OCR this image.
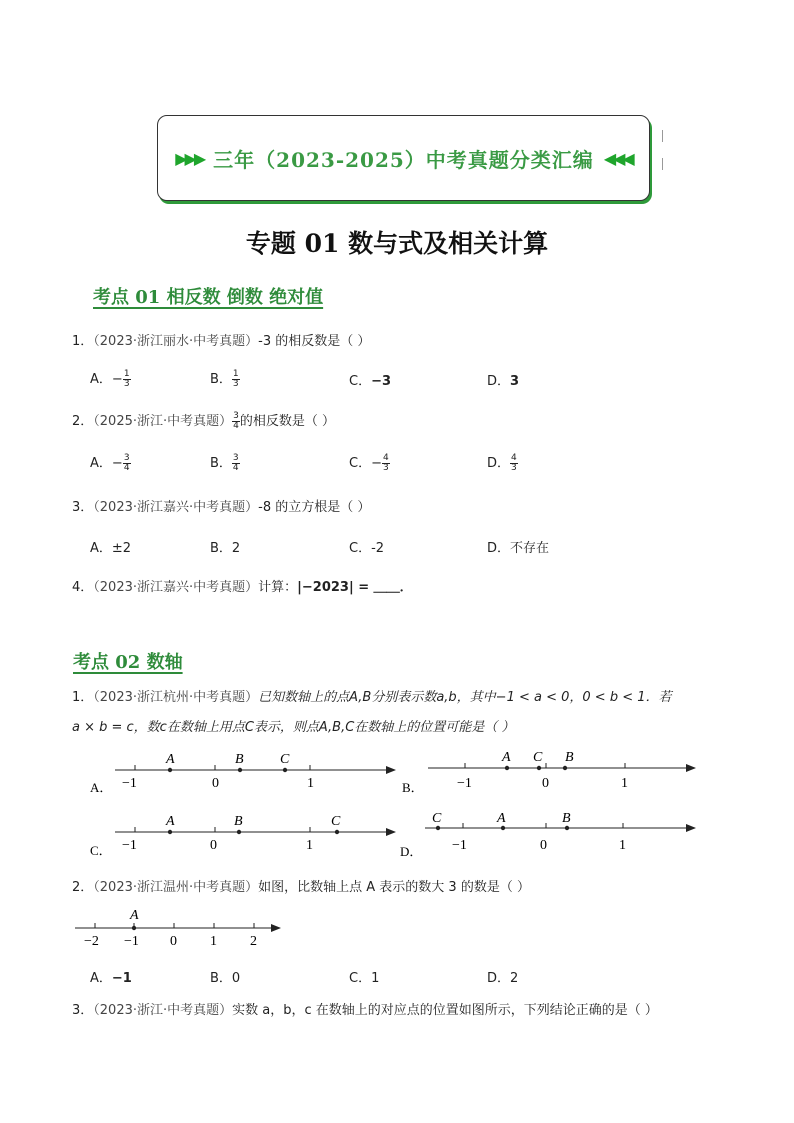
▶▶▶ 三年（2023-2025）中考真题分类汇编 ◀◀◀
专题 01 数与式及相关计算
考点 01 相反数 倒数 绝对值
1．（2023·浙江丽水·中考真题）-3 的相反数是（ ）
A．− $\frac{1}{3}$	B． $\frac{1}{3}$	C．−3	D．3
2．（2025·浙江·中考真题） $\frac{3}{4}$ 的相反数是（ ）
A．− $\frac{3}{4}$	B． $\frac{3}{4}$	C．− $\frac{4}{3}$	D． $\frac{4}{3}$
3．（2023·浙江嘉兴·中考真题）-8 的立方根是（ ）
A．±2	B．2	C．-2	D．不存在
4．（2023·浙江嘉兴·中考真题）计算：|−2023| = ＿＿．
考点 02 数轴
1．（2023·浙江杭州·中考真题）已知数轴上的点A,B分别表示数a,b，其中−1 < a < 0，0 < b < 1．若
a × b = c，数c在数轴上用点C表示，则点A,B,C在数轴上的位置可能是（ ）
A	B	C
−1	0	1
A．
A C B
−1	0	1
B．
A	B	C
−1	0	1
C．
C	A	B
−1	0	1
D．
2．（2023·浙江温州·中考真题）如图，比数轴上点 A 表示的数大 3 的数是（ ）
A
−2 −1 0 1 2
A．−1	B．0	C．1	D．2
3．（2023·浙江·中考真题）实数 a，b，c 在数轴上的对应点的位置如图所示，下列结论正确的是（ ）
